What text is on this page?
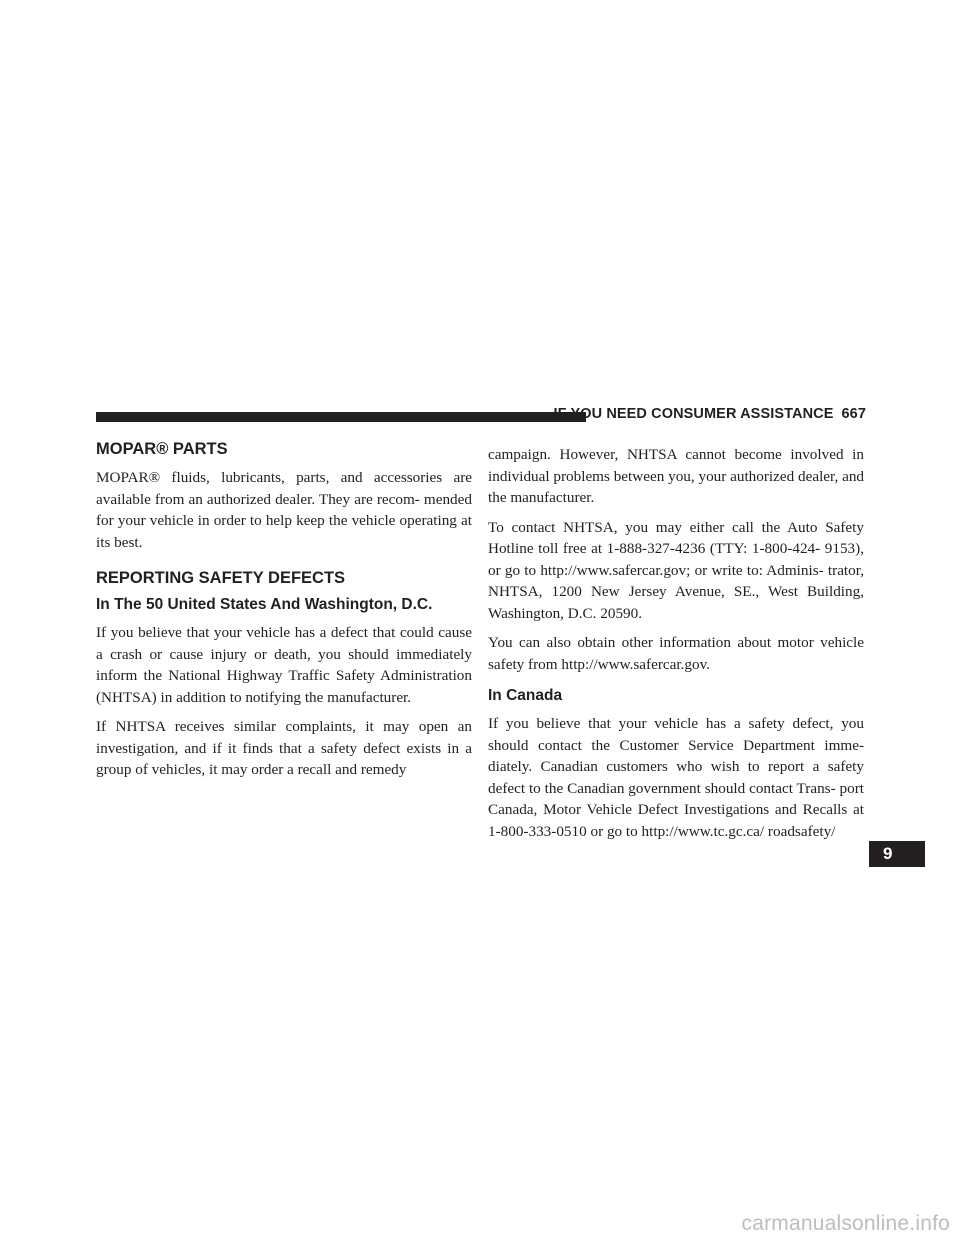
IF YOU NEED CONSUMER ASSISTANCE 667
MOPAR® PARTS

MOPAR® fluids, lubricants, parts, and accessories are available from an authorized dealer. They are recom- mended for your vehicle in order to help keep the vehicle operating at its best.

REPORTING SAFETY DEFECTS
In The 50 United States And Washington, D.C.

If you believe that your vehicle has a defect that could cause a crash or cause injury or death, you should immediately inform the National Highway Traffic Safety Administration (NHTSA) in addition to notifying the manufacturer.

If NHTSA receives similar complaints, it may open an investigation, and if it finds that a safety defect exists in a group of vehicles, it may order a recall and remedy

campaign. However, NHTSA cannot become involved in individual problems between you, your authorized dealer, and the manufacturer.

To contact NHTSA, you may either call the Auto Safety Hotline toll free at 1-888-327-4236 (TTY: 1-800-424- 9153), or go to http://www.safercar.gov; or write to: Adminis- trator, NHTSA, 1200 New Jersey Avenue, SE., West Building, Washington, D.C. 20590.

You can also obtain other information about motor vehicle safety from http://www.safercar.gov.

In Canada

If you believe that your vehicle has a safety defect, you should contact the Customer Service Department imme- diately. Canadian customers who wish to report a safety defect to the Canadian government should contact Trans- port Canada, Motor Vehicle Defect Investigations and Recalls at 1-800-333-0510 or go to http://www.tc.gc.ca/ roadsafety/

9
carmanualsonline.info
